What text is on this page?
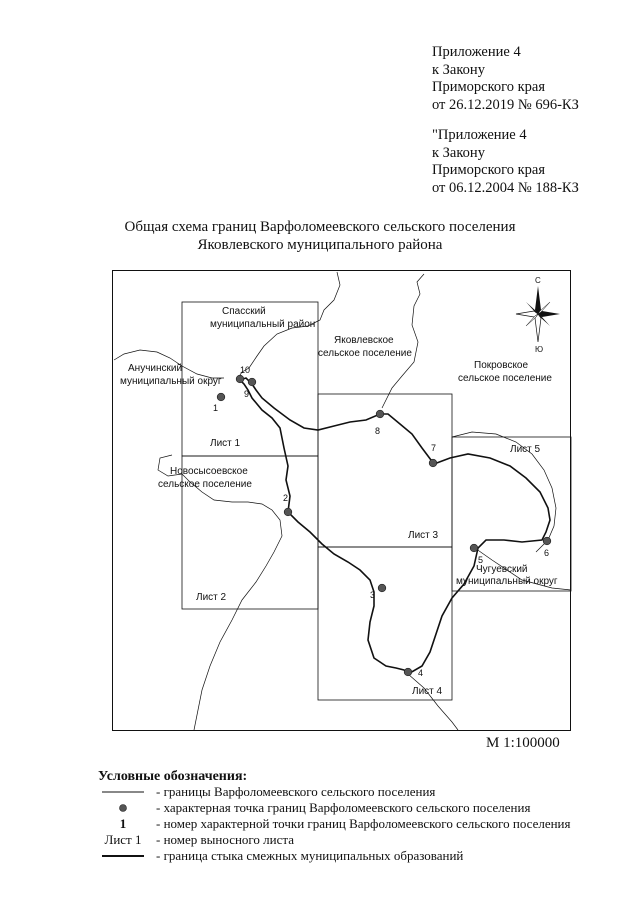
Приложение 4
к Закону
Приморского края
от 26.12.2019 № 696-КЗ
"Приложение 4
к Закону
Приморского края
от 06.12.2004 № 188-КЗ
Общая схема границ Варфоломеевского сельского поселения
Яковлевского муниципального района
1
2
3
4
5
6
7
8
9
10
Спасский
муниципальный район
Анучинский
муниципальный округ
Яковлевское
сельское поселение
Покровское
сельское поселение
Новосысоевское
сельское поселение
Чугуевский
муниципальный округ
Лист 1
Лист 2
Лист 3
Лист 4
Лист 5
С
Ю
М 1:100000
Условные обозначения:
- границы Варфоломеевского сельского поселения
- характерная точка границ Варфоломеевского сельского поселения
1	- номер характерной точки границ Варфоломеевского сельского поселения
Лист 1	- номер выносного листа
- граница стыка смежных муниципальных образований
